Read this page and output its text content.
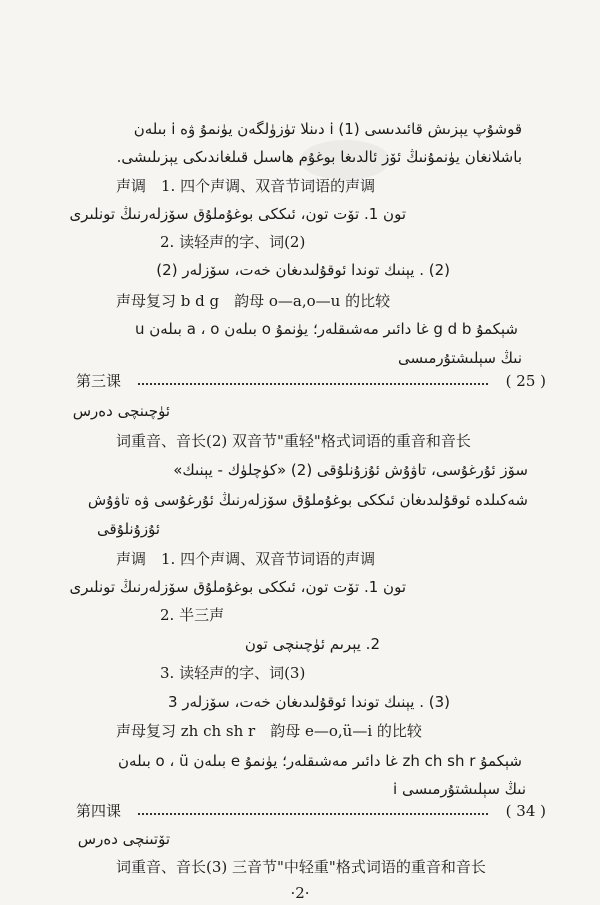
قوشۇپ يېزىش قائىدىسى (1) i دىنلا تۈزۈلگەن يۈنمۇ ۋە i بىلەن
باشلانغان يۈنمۇنىڭ ئۆز ئالدىغا بوغۇم ھاسىل قىلغاندىكى يېزىلىشى.
声调　1. 四个声调、双音节词语的声调
تون 1. تۆت تون، ئىككى بوغۇملۇق سۆزلەرنىڭ تونلىرى
2. 读轻声的字、词(2)
(2) . يېنىك توندا ئوقۇلىدىغان خەت، سۆزلەر (2)
声母复习 b d g　韵母 o—a,o—u 的比较
شېكمۇ g d b غا دائىر مەشىقلەر؛ يۈنمۇ o بىلەن a ، o بىلەن u
نىڭ سېلىشتۇرمىسى
第三课	( 25 )
ئۈچىنچى دەرس
词重音、音长(2) 双音节"重轻"格式词语的重音和音长
سۆز ئۇرغۇسى، تاۋۇش ئۇزۇنلۇقى (2) «كۈچلۈك - يېنىك»
شەكىلدە ئوقۇلىدىغان ئىككى بوغۇملۇق سۆزلەرنىڭ ئۇرغۇسى ۋە تاۋۇش
ئۇزۇنلۇقى
声调　1. 四个声调、双音节词语的声调
تون 1. تۆت تون، ئىككى بوغۇملۇق سۆزلەرنىڭ تونلىرى
2. 半三声
2. يېرىم ئۈچىنچى تون
3. 读轻声的字、词(3)
(3) . يېنىك توندا ئوقۇلىدىغان خەت، سۆزلەر 3
声母复习 zh ch sh r　韵母 e—o,ü—i 的比较
شېكمۇ zh ch sh r غا دائىر مەشىقلەر؛ يۈنمۇ e بىلەن o ، ü بىلەن
i نىڭ سېلىشتۇرمىسى
第四课	( 34 )
تۆتىنچى دەرس
词重音、音长(3) 三音节"中轻重"格式词语的重音和音长
·2·
